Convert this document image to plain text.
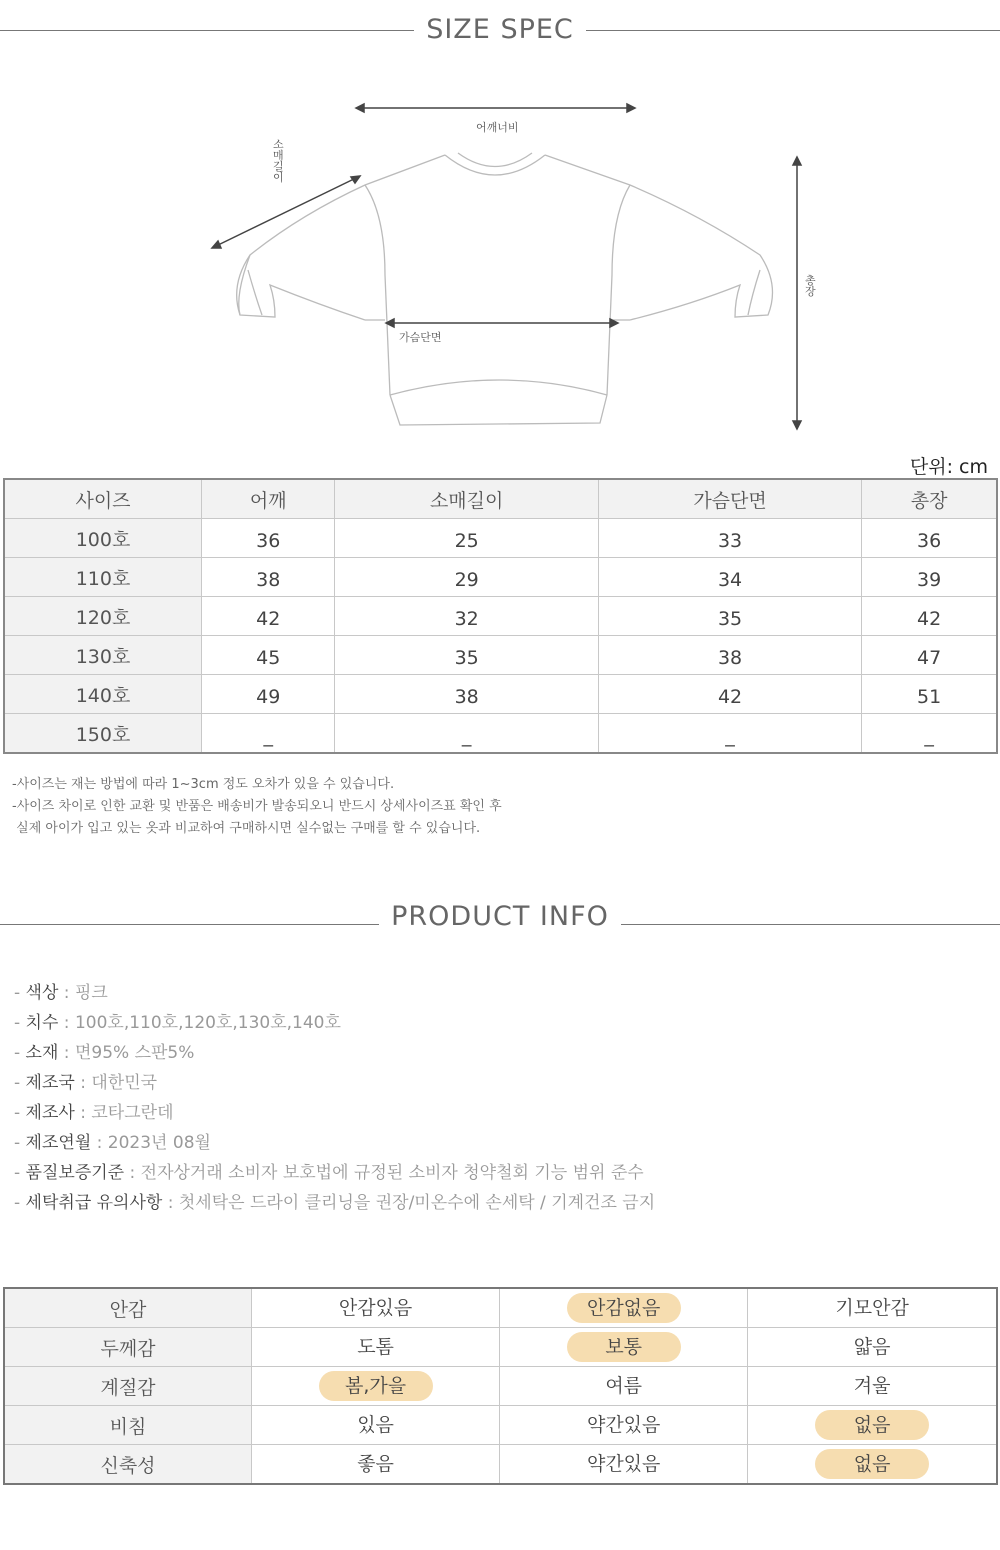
SIZE SPEC
어깨너비
소매길이
가슴단면
총장
단위: cm
사이즈	어깨	소매길이	가슴단면	총장
100호	36	25	33	36
110호	38	29	34	39
120호	42	32	35	42
130호	45	35	38	47
140호	49	38	42	51
150호	_	_	_	_
-사이즈는 재는 방법에 따라 1~3cm 정도 오차가 있을 수 있습니다.
-사이즈 차이로 인한 교환 및 반품은 배송비가 발송되오니 반드시 상세사이즈표 확인 후
실제 아이가 입고 있는 옷과 비교하여 구매하시면 실수없는 구매를 할 수 있습니다.
PRODUCT INFO
- 색상 : 핑크
- 치수 : 100호,110호,120호,130호,140호
- 소재 : 면95% 스판5%
- 제조국 : 대한민국
- 제조사 : 코타그란데
- 제조연월 : 2023년 08월
- 품질보증기준 : 전자상거래 소비자 보호법에 규정된 소비자 청약철회 기능 범위 준수
- 세탁취급 유의사항 : 첫세탁은 드라이 클리닝을 권장/미온수에 손세탁 / 기계건조 금지
안감	안감있음	안감없음	기모안감
두께감	도톰	보통	얇음
계절감	봄,가을	여름	겨울
비침	있음	약간있음	없음
신축성	좋음	약간있음	없음
